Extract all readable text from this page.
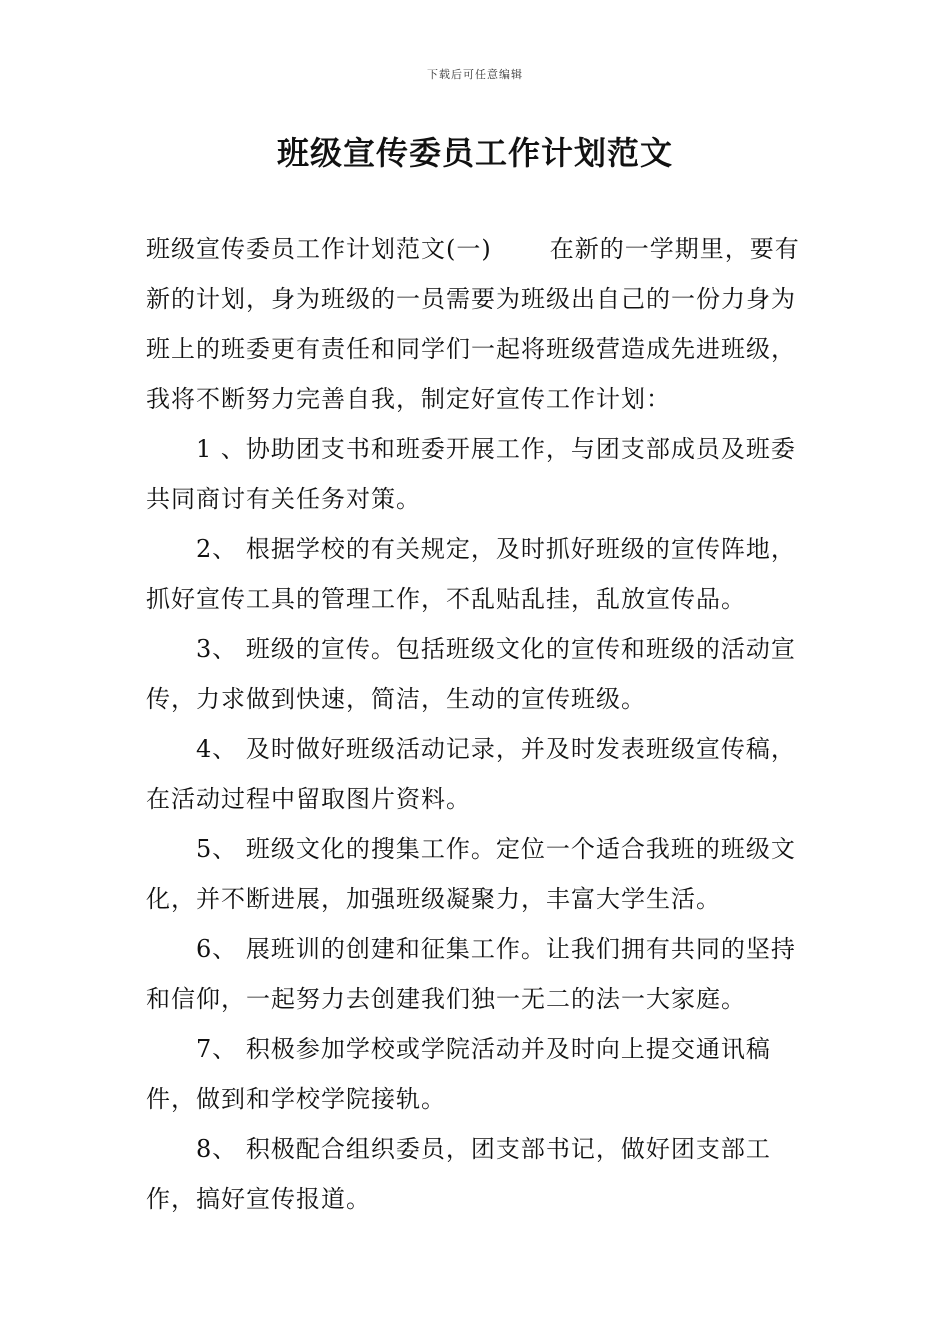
下载后可任意编辑
班级宣传委员工作计划范文

班级宣传委员工作计划范文(一) 在新的一学期里，要有新的计划，身为班级的一员需要为班级出自己的一份力身为班上的班委更有责任和同学们一起将班级营造成先进班级，我将不断努力完善自我，制定好宣传工作计划：

1 、协助团支书和班委开展工作，与团支部成员及班委共同商讨有关任务对策。

2、 根据学校的有关规定，及时抓好班级的宣传阵地，抓好宣传工具的管理工作，不乱贴乱挂，乱放宣传品。

3、 班级的宣传。包括班级文化的宣传和班级的活动宣传，力求做到快速，简洁，生动的宣传班级。

4、 及时做好班级活动记录，并及时发表班级宣传稿，在活动过程中留取图片资料。

5、 班级文化的搜集工作。定位一个适合我班的班级文化，并不断进展，加强班级凝聚力，丰富大学生活。

6、 展班训的创建和征集工作。让我们拥有共同的坚持和信仰，一起努力去创建我们独一无二的法一大家庭。

7、 积极参加学校或学院活动并及时向上提交通讯稿件，做到和学校学院接轨。

8、 积极配合组织委员，团支部书记，做好团支部工作，搞好宣传报道。
